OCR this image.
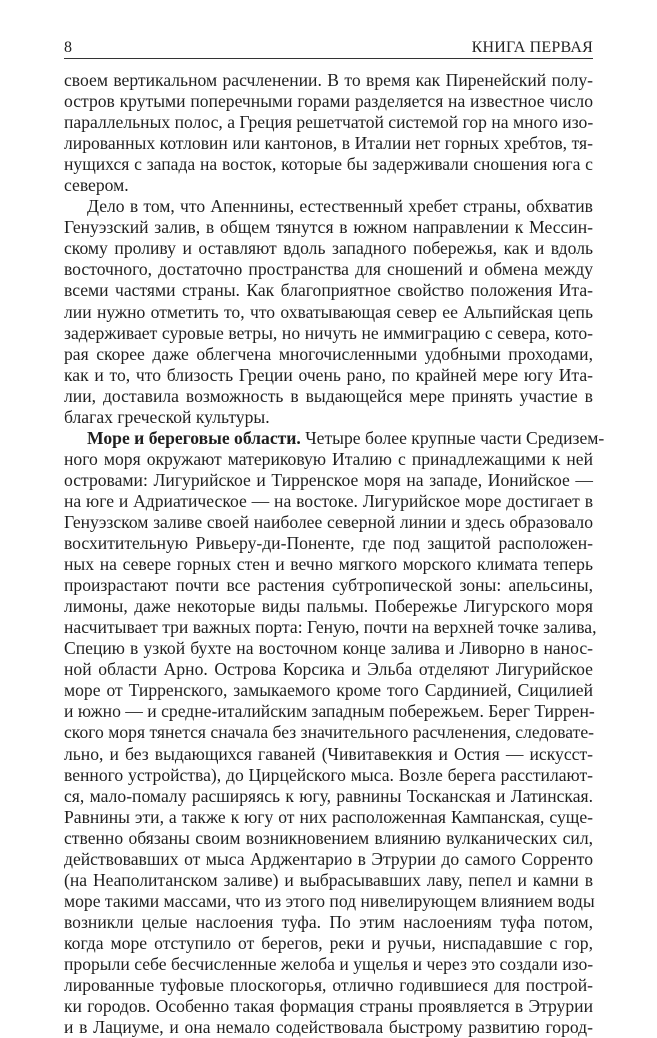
8	КНИГА ПЕРВАЯ
своем вертикальном расчленении. В то время как Пиренейский полу-
остров крутыми поперечными горами разделяется на известное число
параллельных полос, а Греция решетчатой системой гор на много изо-
лированных котловин или кантонов, в Италии нет горных хребтов, тя-
нущихся с запада на восток, которые бы задерживали сношения юга с
севером.
Дело в том, что Апеннины, естественный хребет страны, обхватив
Генуэзский залив, в общем тянутся в южном направлении к Мессин-
скому проливу и оставляют вдоль западного побережья, как и вдоль
восточного, достаточно пространства для сношений и обмена между
всеми частями страны. Как благоприятное свойство положения Ита-
лии нужно отметить то, что охватывающая север ее Альпийская цепь
задерживает суровые ветры, но ничуть не иммиграцию с севера, кото-
рая скорее даже облегчена многочисленными удобными проходами,
как и то, что близость Греции очень рано, по крайней мере югу Ита-
лии, доставила возможность в выдающейся мере принять участие в
благах греческой культуры.
Море и береговые области. Четыре более крупные части Средизем-
ного моря окружают материковую Италию с принадлежащими к ней
островами: Лигурийское и Тирренское моря на западе, Ионийское —
на юге и Адриатическое — на востоке. Лигурийское море достигает в
Генуэзском заливе своей наиболее северной линии и здесь образовало
восхитительную Ривьеру-ди-Поненте, где под защитой расположен-
ных на севере горных стен и вечно мягкого морского климата теперь
произрастают почти все растения субтропической зоны: апельсины,
лимоны, даже некоторые виды пальмы. Побережье Лигурского моря
насчитывает три важных порта: Геную, почти на верхней точке залива,
Специю в узкой бухте на восточном конце залива и Ливорно в нанос-
ной области Арно. Острова Корсика и Эльба отделяют Лигурийское
море от Тирренского, замыкаемого кроме того Сардинией, Сицилией
и южно — и средне-италийским западным побережьем. Берег Тиррен-
ского моря тянется сначала без значительного расчленения, следовате-
льно, и без выдающихся гаваней (Чивитавеккия и Остия — искусст-
венного устройства), до Цирцейского мыса. Возле берега расстилают-
ся, мало-помалу расширяясь к югу, равнины Тосканская и Латинская.
Равнины эти, а также к югу от них расположенная Кампанская, суще-
ственно обязаны своим возникновением влиянию вулканических сил,
действовавших от мыса Арджентарио в Этрурии до самого Сорренто
(на Неаполитанском заливе) и выбрасывавших лаву, пепел и камни в
море такими массами, что из этого под нивелирующем влиянием воды
возникли целые наслоения туфа. По этим наслоениям туфа потом,
когда море отступило от берегов, реки и ручьи, ниспадавшие с гор,
прорыли себе бесчисленные желоба и ущелья и через это создали изо-
лированные туфовые плоскогорья, отлично годившиеся для построй-
ки городов. Особенно такая формация страны проявляется в Этрурии
и в Лациуме, и она немало содействовала быстрому развитию город-
